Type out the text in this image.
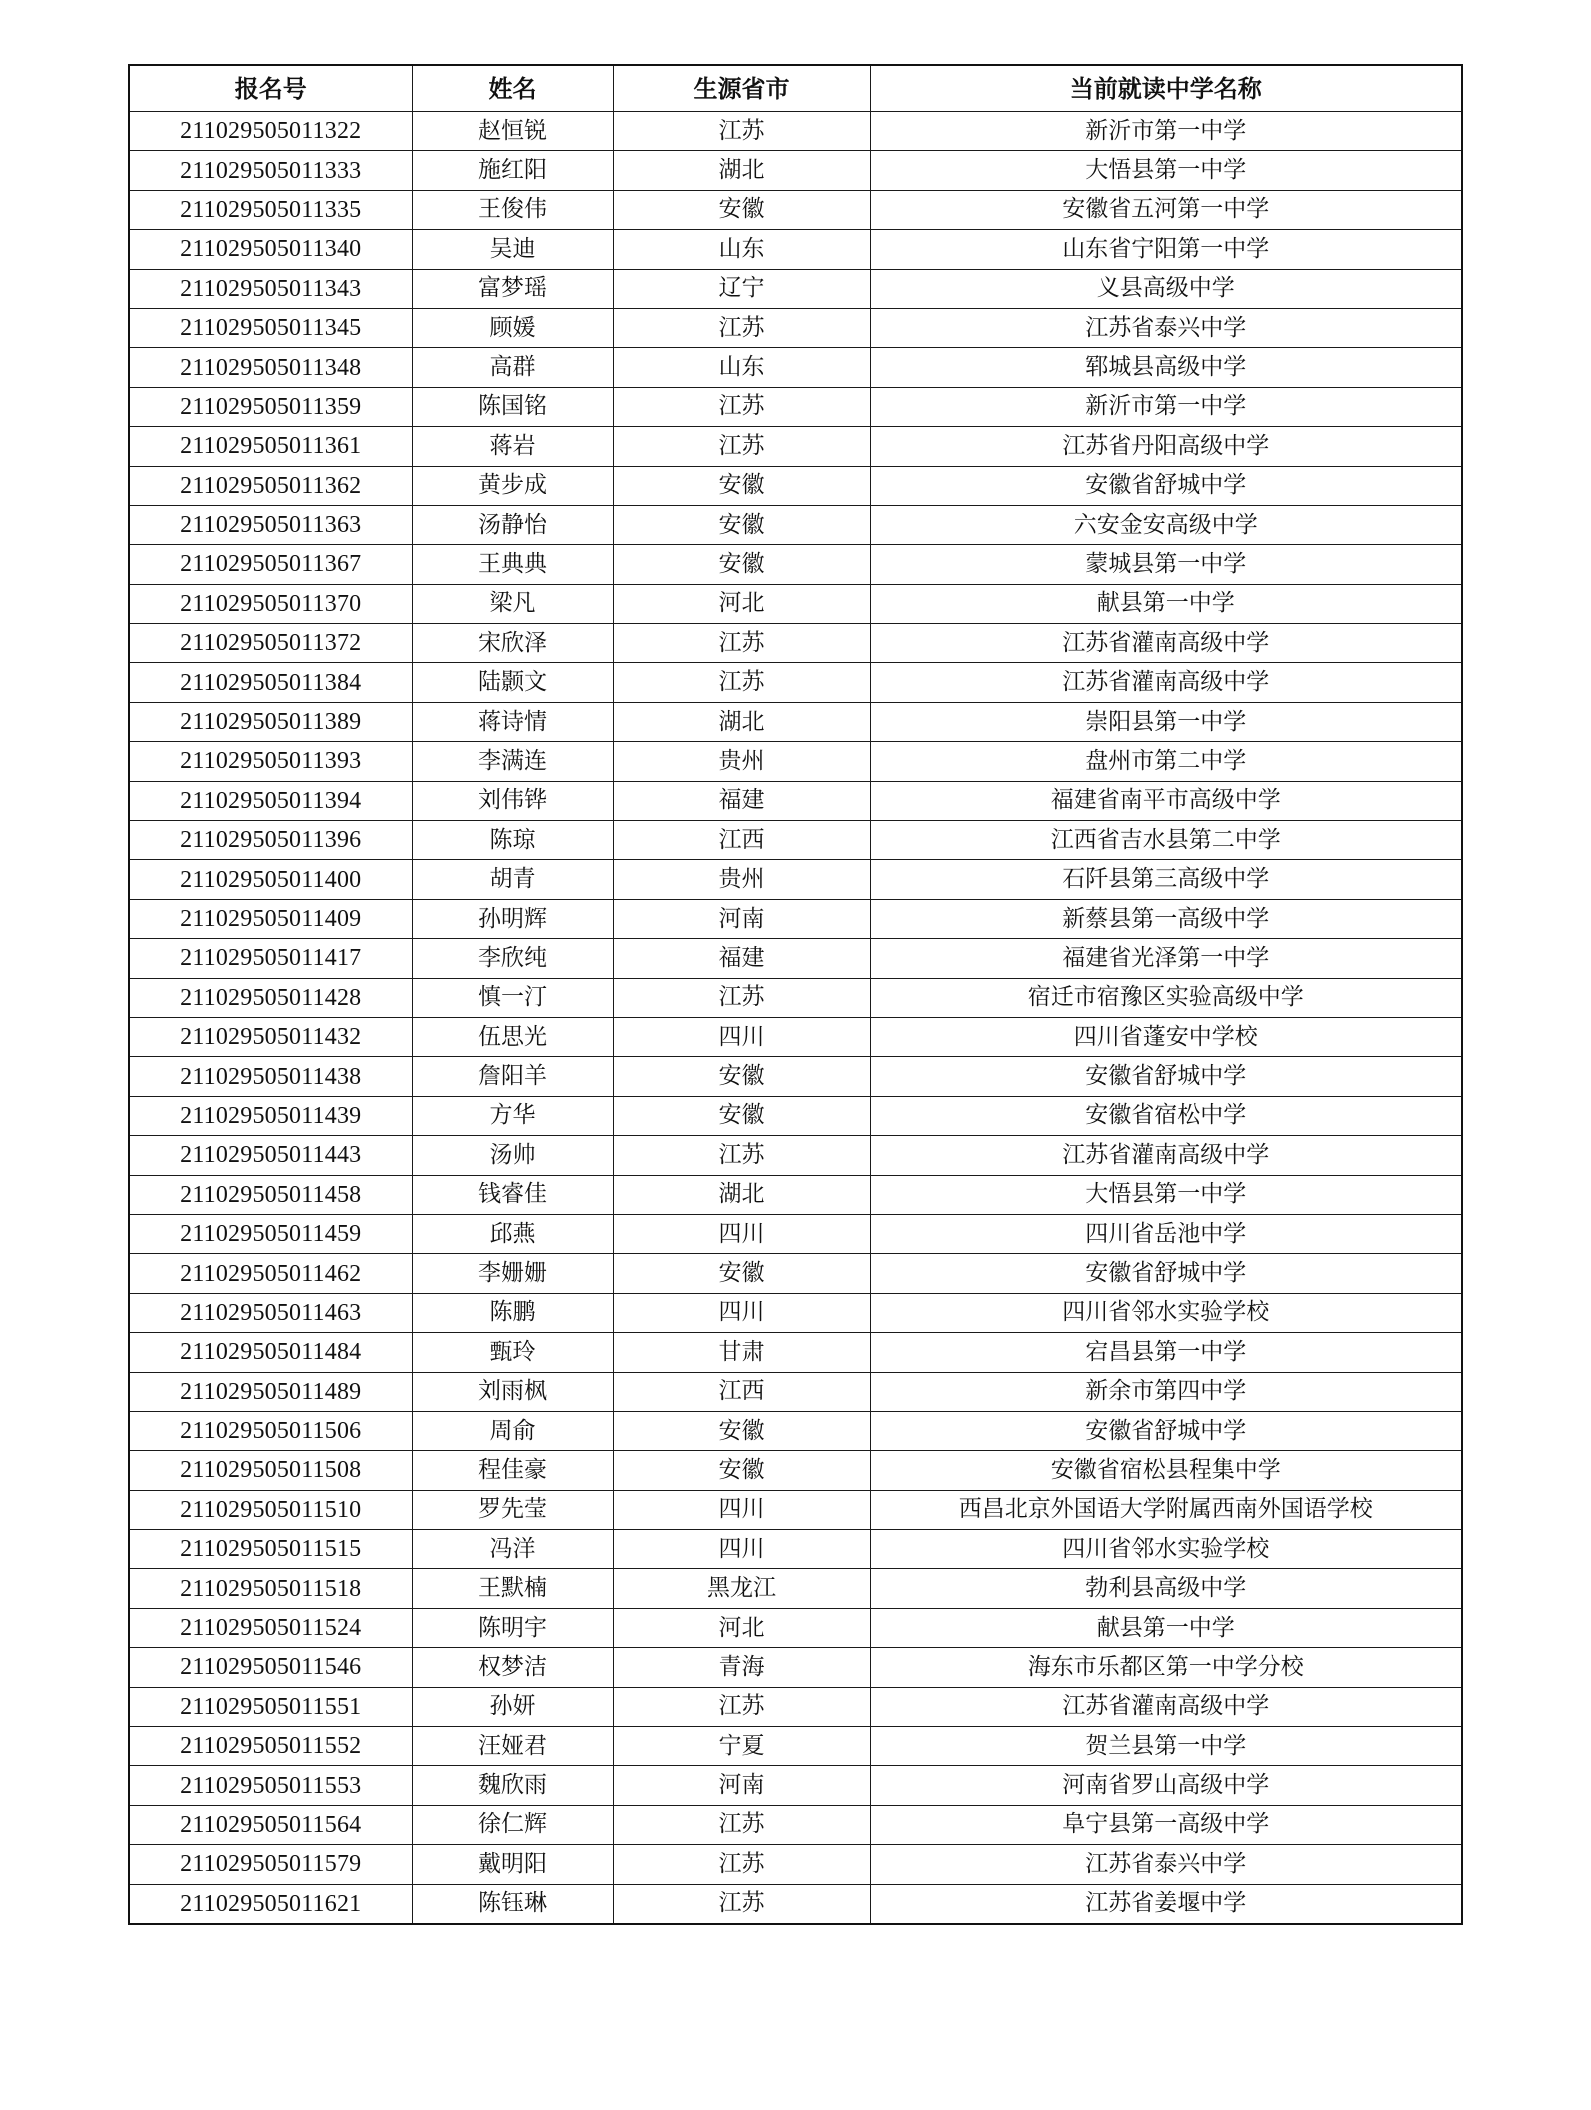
报名号	姓名	生源省市	当前就读中学名称
211029505011322	赵恒锐	江苏	新沂市第一中学
211029505011333	施红阳	湖北	大悟县第一中学
211029505011335	王俊伟	安徽	安徽省五河第一中学
211029505011340	吴迪	山东	山东省宁阳第一中学
211029505011343	富梦瑶	辽宁	义县高级中学
211029505011345	顾媛	江苏	江苏省泰兴中学
211029505011348	高群	山东	郓城县高级中学
211029505011359	陈国铭	江苏	新沂市第一中学
211029505011361	蒋岩	江苏	江苏省丹阳高级中学
211029505011362	黄步成	安徽	安徽省舒城中学
211029505011363	汤静怡	安徽	六安金安高级中学
211029505011367	王典典	安徽	蒙城县第一中学
211029505011370	梁凡	河北	献县第一中学
211029505011372	宋欣泽	江苏	江苏省灌南高级中学
211029505011384	陆颢文	江苏	江苏省灌南高级中学
211029505011389	蒋诗情	湖北	崇阳县第一中学
211029505011393	李满连	贵州	盘州市第二中学
211029505011394	刘伟铧	福建	福建省南平市高级中学
211029505011396	陈琼	江西	江西省吉水县第二中学
211029505011400	胡青	贵州	石阡县第三高级中学
211029505011409	孙明辉	河南	新蔡县第一高级中学
211029505011417	李欣纯	福建	福建省光泽第一中学
211029505011428	慎一汀	江苏	宿迁市宿豫区实验高级中学
211029505011432	伍思光	四川	四川省蓬安中学校
211029505011438	詹阳羊	安徽	安徽省舒城中学
211029505011439	方华	安徽	安徽省宿松中学
211029505011443	汤帅	江苏	江苏省灌南高级中学
211029505011458	钱睿佳	湖北	大悟县第一中学
211029505011459	邱燕	四川	四川省岳池中学
211029505011462	李姗姗	安徽	安徽省舒城中学
211029505011463	陈鹏	四川	四川省邻水实验学校
211029505011484	甄玲	甘肃	宕昌县第一中学
211029505011489	刘雨枫	江西	新余市第四中学
211029505011506	周俞	安徽	安徽省舒城中学
211029505011508	程佳豪	安徽	安徽省宿松县程集中学
211029505011510	罗先莹	四川	西昌北京外国语大学附属西南外国语学校
211029505011515	冯洋	四川	四川省邻水实验学校
211029505011518	王默楠	黑龙江	勃利县高级中学
211029505011524	陈明宇	河北	献县第一中学
211029505011546	权梦洁	青海	海东市乐都区第一中学分校
211029505011551	孙妍	江苏	江苏省灌南高级中学
211029505011552	汪娅君	宁夏	贺兰县第一中学
211029505011553	魏欣雨	河南	河南省罗山高级中学
211029505011564	徐仁辉	江苏	阜宁县第一高级中学
211029505011579	戴明阳	江苏	江苏省泰兴中学
211029505011621	陈钰琳	江苏	江苏省姜堰中学
